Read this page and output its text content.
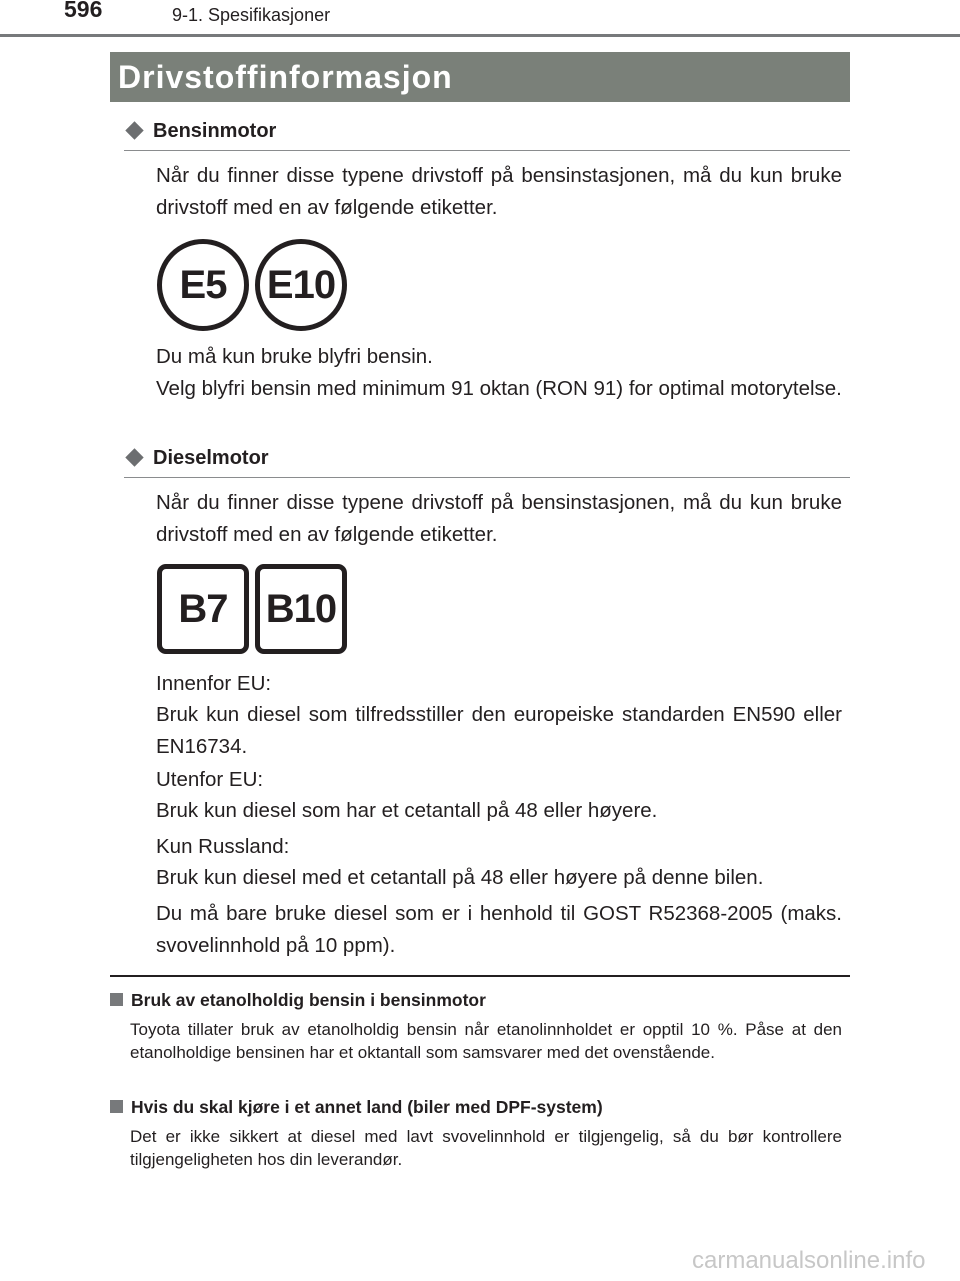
596	9-1. Spesifikasjoner
Drivstoffinformasjon
Bensinmotor

Når du finner disse typene drivstoff på bensinstasjonen, må du kun bruke drivstoff med en av følgende etiketter.

E5	E10

Du må kun bruke blyfri bensin.

Velg blyfri bensin med minimum 91 oktan (RON 91) for optimal motorytelse.

Dieselmotor

Når du finner disse typene drivstoff på bensinstasjonen, må du kun bruke drivstoff med en av følgende etiketter.

B7 B10

Innenfor EU:

Bruk kun diesel som tilfredsstiller den europeiske standarden EN590 eller EN16734.

Utenfor EU:

Bruk kun diesel som har et cetantall på 48 eller høyere.

Kun Russland:

Bruk kun diesel med et cetantall på 48 eller høyere på denne bilen.

Du må bare bruke diesel som er i henhold til GOST R52368-2005 (maks. svovelinnhold på 10 ppm).

Bruk av etanolholdig bensin i bensinmotor

Toyota tillater bruk av etanolholdig bensin når etanolinnholdet er opptil 10 %. Påse at den etanolholdige bensinen har et oktantall som samsvarer med det ovenstående.

Hvis du skal kjøre i et annet land (biler med DPF-system)

Det er ikke sikkert at diesel med lavt svovelinnhold er tilgjengelig, så du bør kontrollere tilgjengeligheten hos din leverandør.

carmanualsonline.info
